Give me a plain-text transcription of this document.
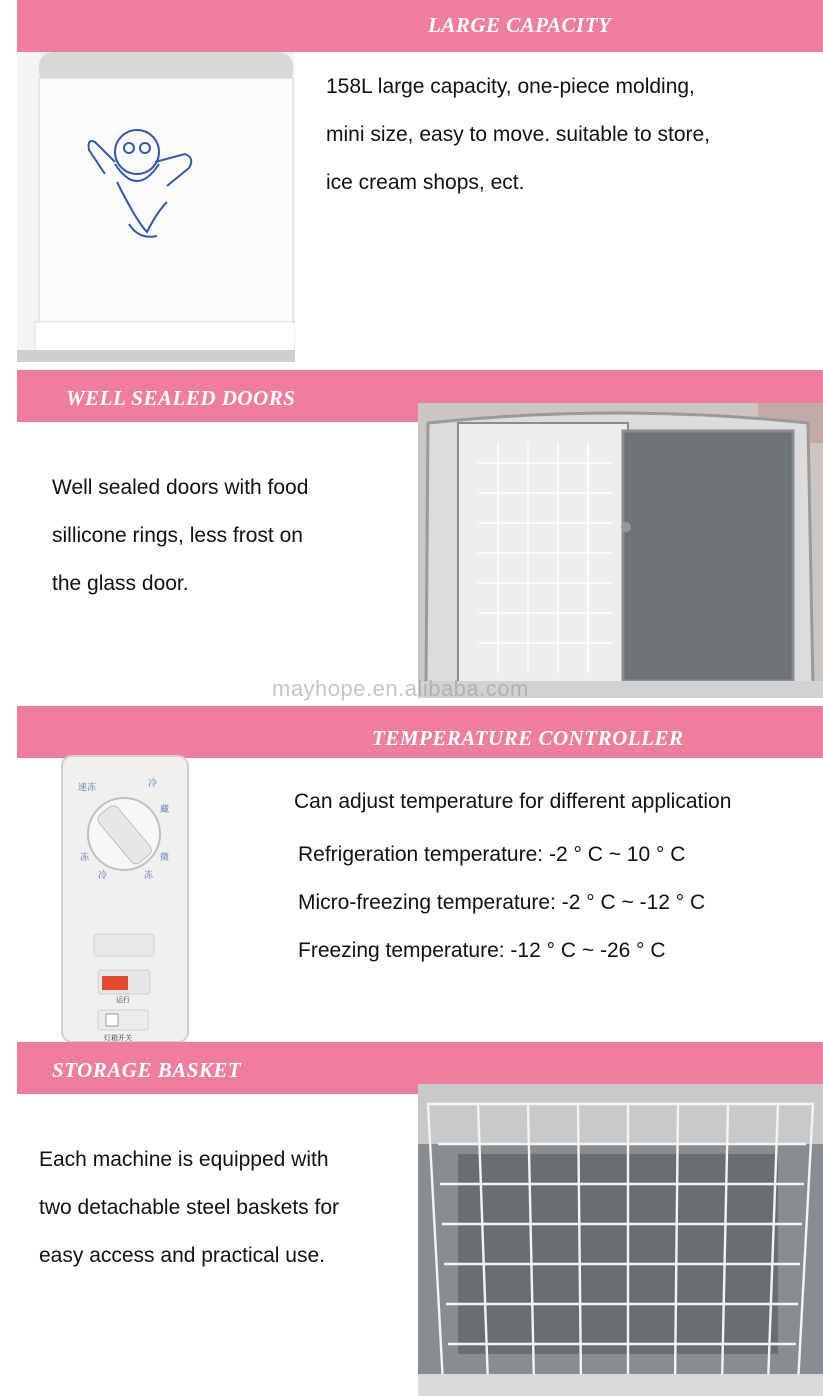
LARGE CAPACITY

158L large capacity, one-piece molding,

mini size, easy to move. suitable to store,

ice cream shops, ect.

WELL SEALED DOORS

Well sealed doors with food

sillicone rings, less frost on

the glass door.

TEMPERATURE CONTROLLER
速冻	冷
藏
微
冻
冷
冻
运行
灯箱开关
Can adjust temperature for different application

Refrigeration temperature: -2 ° C ~ 10 ° C

Micro-freezing temperature: -2 ° C ~ -12 ° C

Freezing temperature: -12 ° C ~ -26 ° C

STORAGE BASKET

Each machine is equipped with

two detachable steel baskets for

easy access and practical use.

mayhope.en.alibaba.com
